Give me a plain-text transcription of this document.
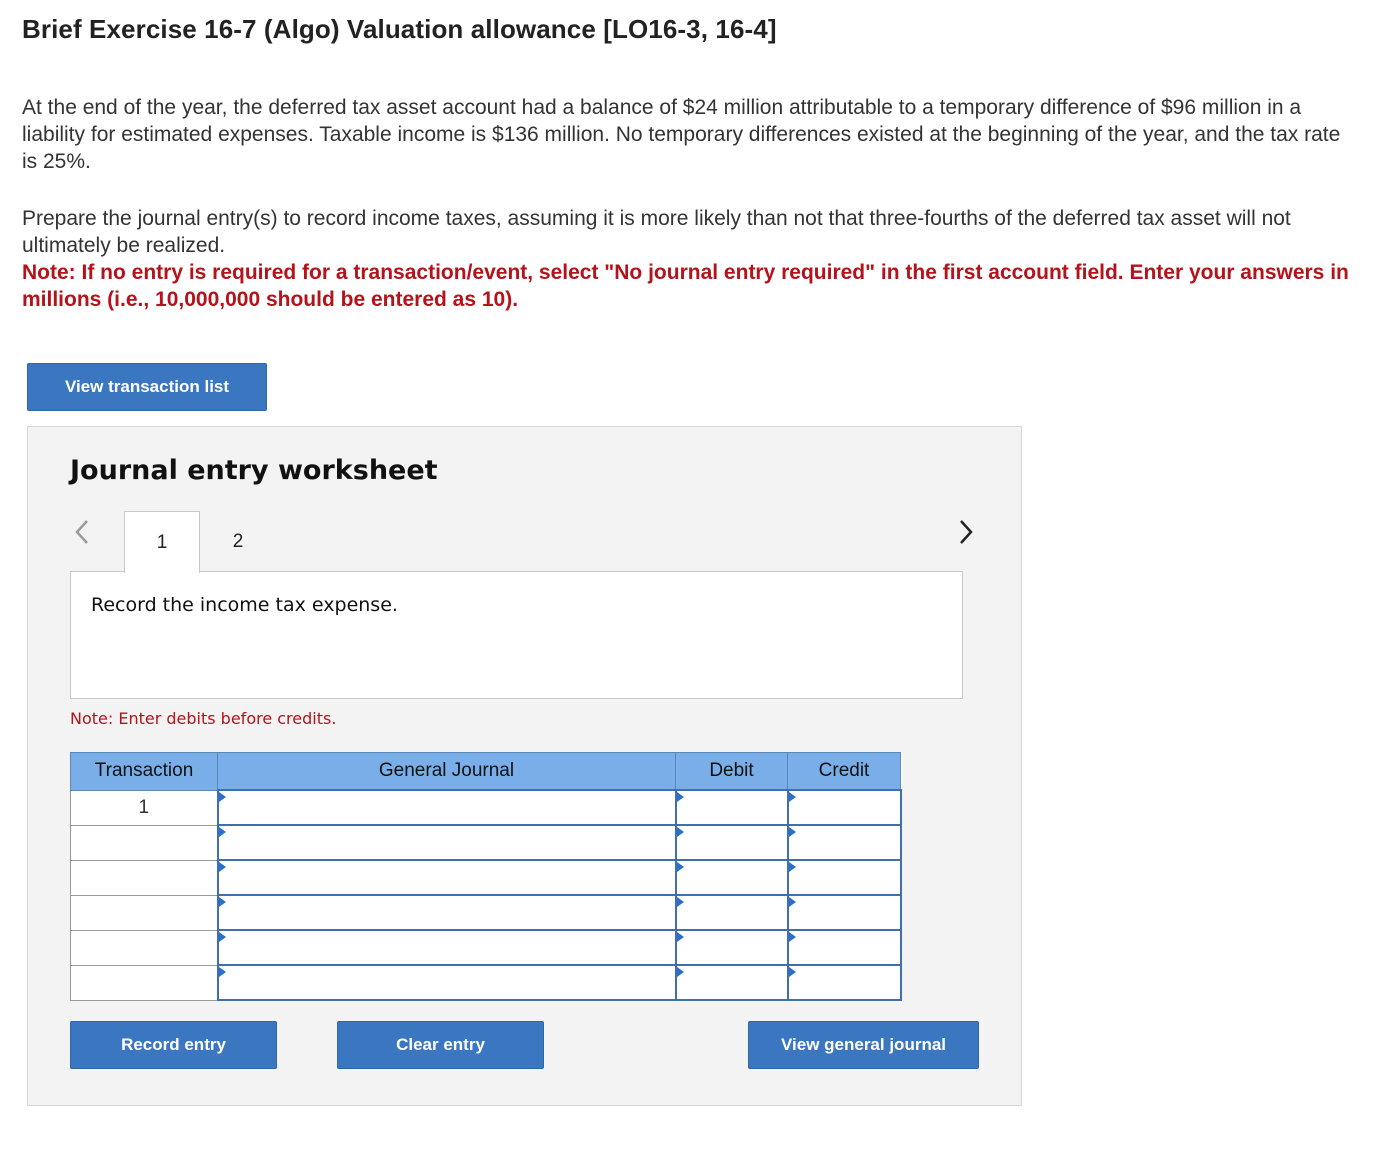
Brief Exercise 16-7 (Algo) Valuation allowance [LO16-3, 16-4]

At the end of the year, the deferred tax asset account had a balance of $24 million attributable to a temporary difference of $96 million in a liability for estimated expenses. Taxable income is $136 million. No temporary differences existed at the beginning of the year, and the tax rate is 25%.

Prepare the journal entry(s) to record income taxes, assuming it is more likely than not that three-fourths of the deferred tax asset will not ultimately be realized.

Note: If no entry is required for a transaction/event, select "No journal entry required" in the first account field. Enter your answers in millions (i.e., 10,000,000 should be entered as 10).

View transaction list
Journal entry worksheet
1	2
Record the income tax expense.
Note: Enter debits before credits.
Transaction	General Journal	Debit	Credit
1	

Record entry	Clear entry	View general journal
